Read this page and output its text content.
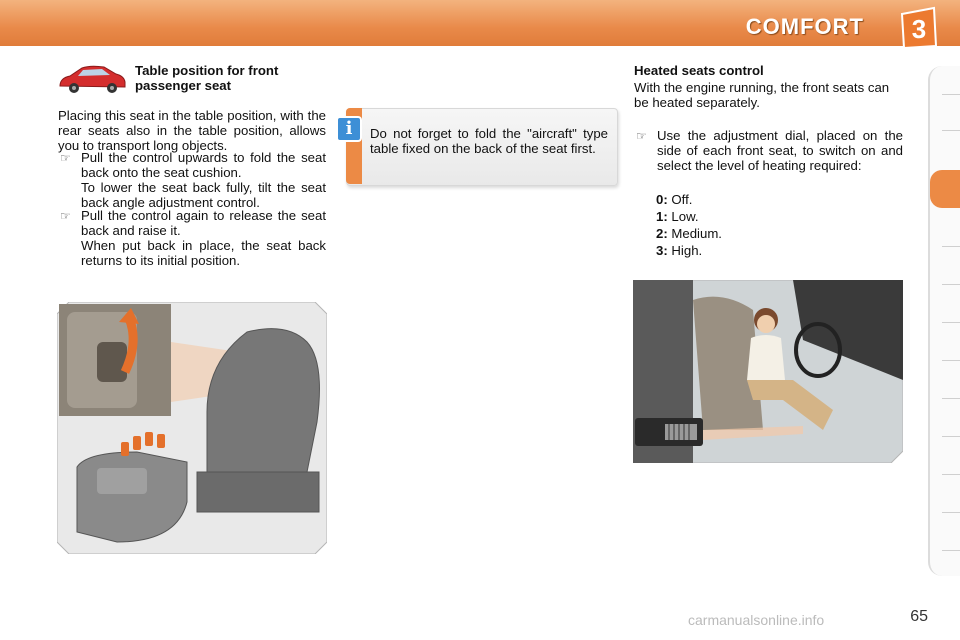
COMFORT 3
Table position for front passenger seat
Placing this seat in the table position, with the rear seats also in the table position, allows you to transport long objects.
☞ Pull the control upwards to fold the seat back onto the seat cushion.
To lower the seat back fully, tilt the seat back angle adjustment control.
☞ Pull the control again to release the seat back and raise it.
When put back in place, the seat back returns to its initial position.
i	Do not forget to fold the "aircraft" type table fixed on the back of the seat first.
Heated seats control
With the engine running, the front seats can be heated separately.
☞ Use the adjustment dial, placed on the side of each front seat, to switch on and select the level of heating required:
0: Off.
1: Low.
2: Medium.
3: High.
65
carmanualsonline.info
